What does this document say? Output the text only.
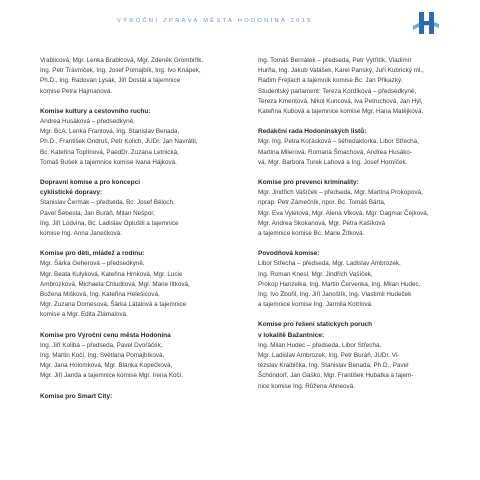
VÝROČNÍ ZPRÁVA MĚSTA HODONÍNA 2015
Vrablicová, Mgr. Lenka Brablcová, Mgr. Zdeněk Grombiřík,
Ing. Petr Trávníček, Ing. Josef Pomajbík, Ing. Ivo Knápek,
Ph.D., Ing. Radovan Lysák, Jiří Dostál a tajemnice
komise Petra Hajmanová.
Komise kultury a cestovního ruchu:
Andrea Husáková – předsedkyně,
Mgr. BcA. Lenka Frantová, Ing. Stanislav Benada,
Ph.D., František Ondruš, Petr Kolich, JUDr. Jan Navrátil,
Bc. Kateřina Toplínová, PaedDr. Zuzana Letnická,
Tomáš Bušek a tajemnice komise Ivana Hájková.
Dopravní komise a pro koncepci
cyklistické dopravy:
Stanislav Čermák – předseda, Bc. Josef Běloch,
Pavel Šebesta, Jan Buráň, Milan Nešpor,
Ing. Jiří Lodvina, Bc. Ladislav Opluštil a tajemnice
komise Ing. Anna Janečková.
Komise pro děti, mládež a rodinu:
Mgr. Šárka Geherová – předsedkyně,
Mgr. Beata Kulyková, Kateřina Hrnková, Mgr. Lucie
Ambrozková, Michaela Chludilová, Mgr. Marie Iltková,
Božena Mišková, Ing. Kateřina Helešicová,
Mgr. Zuzana Domesová, Šárka Látalová a tajemnice
komise a Mgr. Edita Zlámalová.
Komise pro Výroční cenu města Hodonína
Ing. Jiří Koliba – předseda, Pavel Dvořáček,
Ing. Martin Kočí, Ing. Světlana Pomajbíková,
Mgr. Jana Holomková, Mgr. Blanka Kopečková,
Mgr. Jiří Janda a tajemnice komise Mgr. Irena Kočí.
Komise pro Smart City:
Ing. Tomáš Bernátek – předseda, Petr Vytřítík, Vladimír
Hurňa, Ing. Jakub Valášek, Karel Panský, Juří Kubrický ml.,
Radim Frejlach a tajemník komise Bc. Jan Přikazký.
Studentský parlament: Tereza Kordíková – předsedkyně,
Tereza Kmentová, Nikol Kuncová, Iva Petruchová, Jan Hýl,
Kateřina Kubová a tajemnice komise Mgr. Hana Matějková.
Redakční rada Hodonínských listů:
Mgr. Ing. Petra Koťásková – šéfredaktorka, Libor Střecha,
Martina Milerová, Romana Šmachová, Andrea Husáko-
vá, Mgr. Barbora Turek Lahová a Ing. Josef Horníček.
Komise pro prevenci kriminality:
Mgr. Jindřich Vašíček – předseda, Mgr. Martina Prokopová,
nprap. Petr Zámečník, npor. Bc. Tomáš Bárta,
Mgr. Eva Vyletová, Mgr. Alena Vlková, Mgr. Dagmar Čejková,
Mgr. Andrea Skokanová, Mgr. Petra Kašíková
a tajemnice komise Bc. Marie Žítková.
Povodňová komise:
Libor Střecha – předseda, Mgr. Ladislav Ambrozek,
Ing. Roman Knesl, Mgr. Jindřich Vašíček,
Prokop Hanzelka, Ing. Martin Červenka, Ing. Milan Hudec,
Ing. Ivo Zbořil, Ing. Jiří Janoštík, Ing. Vlastimil Hudeček
a tajemnice komise Ing. Jarmila Kotrlová.
Komise pro řešení statických poruch
v lokalitě Bažantnice:
Ing. Milan Hudec – předseda, Libor Střecha,
Mgr. Ladislav Ambrozek, Ing. Petr Buráň, JUDr. Vi-
tězslav Kraibička, Ing. Stanislav Benada, Ph.D., Pavel
Šchöndorf, Jan Gaško, Mgr. František Hubatka a tajem-
nice komise Ing. Růžena Ahneová.
